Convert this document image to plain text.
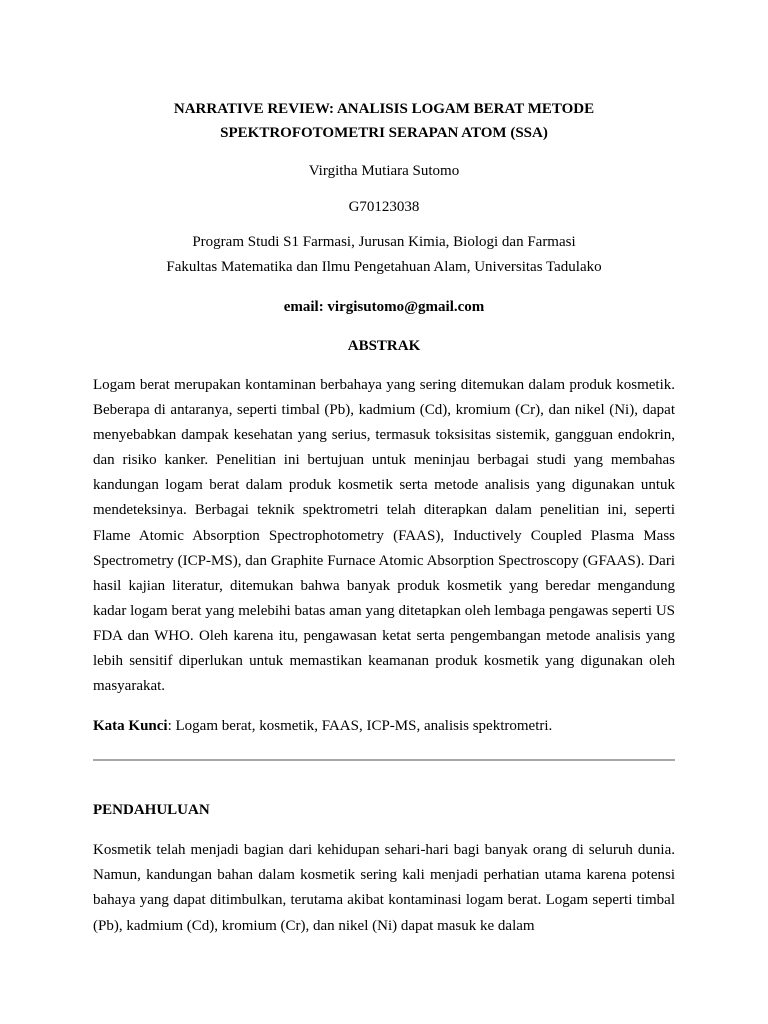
NARRATIVE REVIEW: ANALISIS LOGAM BERAT METODE

SPEKTROFOTOMETRI SERAPAN ATOM (SSA)

Virgitha Mutiara Sutomo

G70123038

Program Studi S1 Farmasi, Jurusan Kimia, Biologi dan Farmasi

Fakultas Matematika dan Ilmu Pengetahuan Alam, Universitas Tadulako

email: virgisutomo@gmail.com

ABSTRAK

Logam berat merupakan kontaminan berbahaya yang sering ditemukan dalam produk kosmetik. Beberapa di antaranya, seperti timbal (Pb), kadmium (Cd), kromium (Cr), dan nikel (Ni), dapat menyebabkan dampak kesehatan yang serius, termasuk toksisitas sistemik, gangguan endokrin, dan risiko kanker. Penelitian ini bertujuan untuk meninjau berbagai studi yang membahas kandungan logam berat dalam produk kosmetik serta metode analisis yang digunakan untuk mendeteksinya. Berbagai teknik spektrometri telah diterapkan dalam penelitian ini, seperti Flame Atomic Absorption Spectrophotometry (FAAS), Inductively Coupled Plasma Mass Spectrometry (ICP-MS), dan Graphite Furnace Atomic Absorption Spectroscopy (GFAAS). Dari hasil kajian literatur, ditemukan bahwa banyak produk kosmetik yang beredar mengandung kadar logam berat yang melebihi batas aman yang ditetapkan oleh lembaga pengawas seperti US FDA dan WHO. Oleh karena itu, pengawasan ketat serta pengembangan metode analisis yang lebih sensitif diperlukan untuk memastikan keamanan produk kosmetik yang digunakan oleh masyarakat.

Kata Kunci: Logam berat, kosmetik, FAAS, ICP-MS, analisis spektrometri.

PENDAHULUAN

Kosmetik telah menjadi bagian dari kehidupan sehari-hari bagi banyak orang di seluruh dunia. Namun, kandungan bahan dalam kosmetik sering kali menjadi perhatian utama karena potensi bahaya yang dapat ditimbulkan, terutama akibat kontaminasi logam berat. Logam seperti timbal (Pb), kadmium (Cd), kromium (Cr), dan nikel (Ni) dapat masuk ke dalam
